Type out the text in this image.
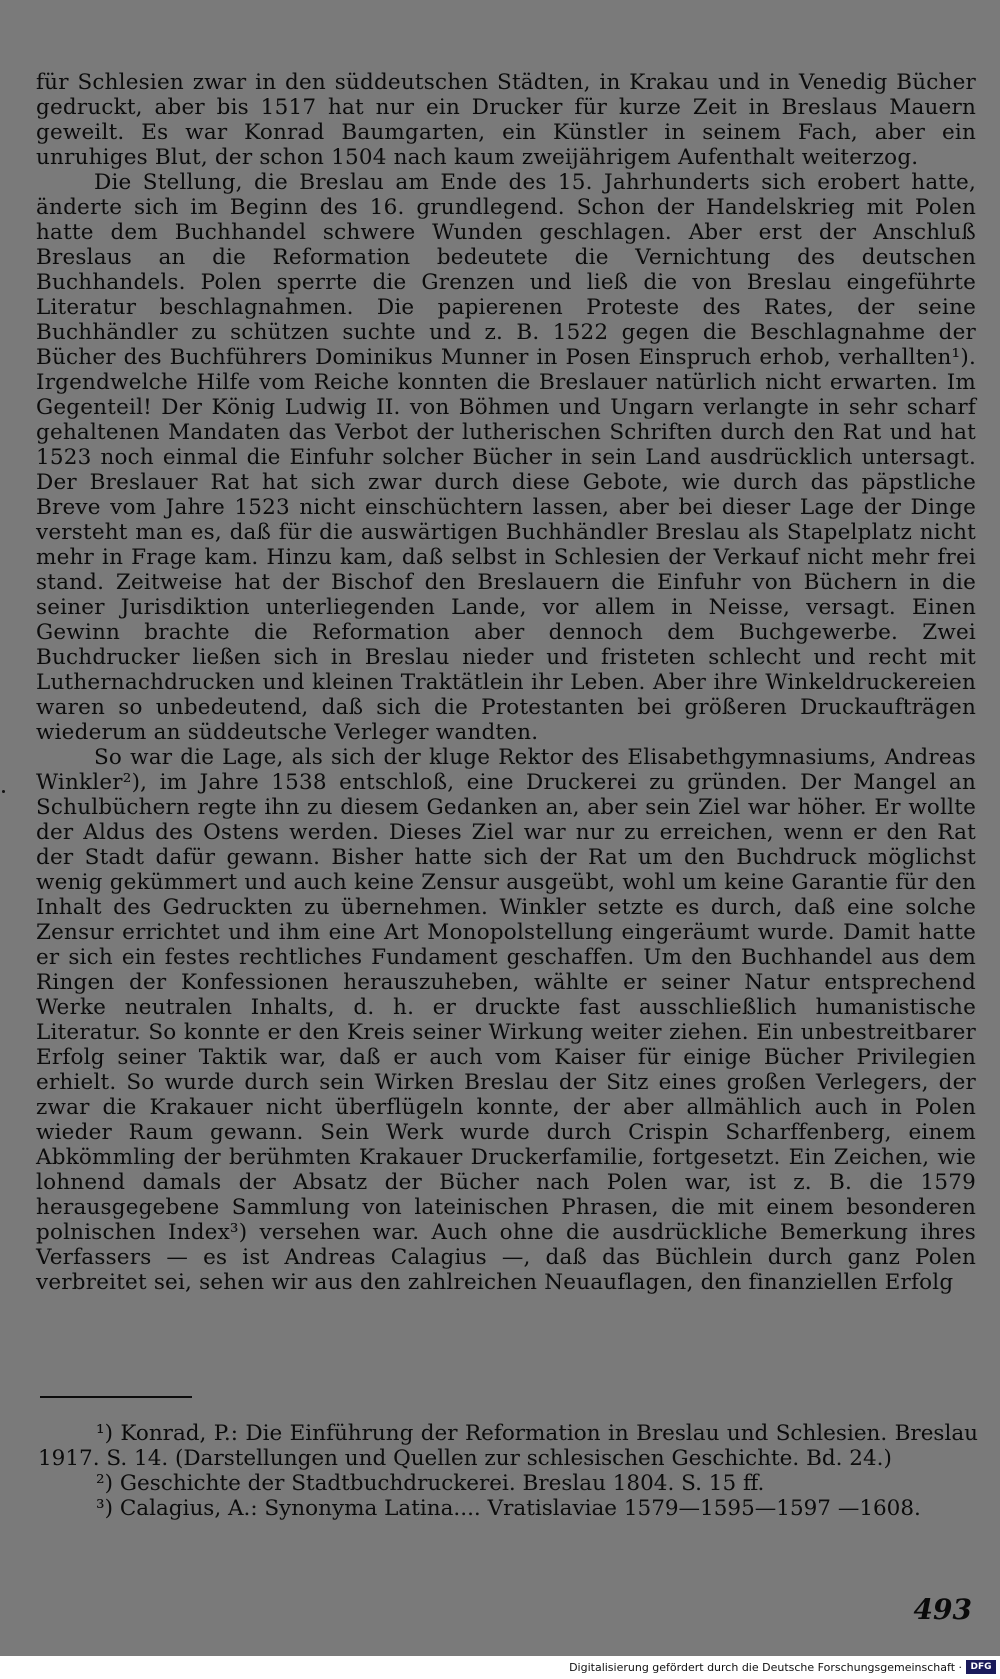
für Schlesien zwar in den süddeutschen Städten, in Krakau und in Venedig Bücher gedruckt, aber bis 1517 hat nur ein Drucker für kurze Zeit in Breslaus Mauern geweilt. Es war Konrad Baumgarten, ein Künstler in seinem Fach, aber ein unruhiges Blut, der schon 1504 nach kaum zweijährigem Aufenthalt weiterzog.

Die Stellung, die Breslau am Ende des 15. Jahrhunderts sich erobert hatte, änderte sich im Beginn des 16. grundlegend. Schon der Handelskrieg mit Polen hatte dem Buchhandel schwere Wunden geschlagen. Aber erst der Anschluß Breslaus an die Reformation bedeutete die Vernichtung des deutschen Buchhandels. Polen sperrte die Grenzen und ließ die von Breslau eingeführte Literatur beschlagnahmen. Die papierenen Proteste des Rates, der seine Buchhändler zu schützen suchte und z. B. 1522 gegen die Beschlagnahme der Bücher des Buchführers Dominikus Munner in Posen Einspruch erhob, verhallten¹). Irgendwelche Hilfe vom Reiche konnten die Breslauer natürlich nicht erwarten. Im Gegenteil! Der König Ludwig II. von Böhmen und Ungarn verlangte in sehr scharf gehaltenen Mandaten das Verbot der lutherischen Schriften durch den Rat und hat 1523 noch einmal die Einfuhr solcher Bücher in sein Land ausdrücklich untersagt. Der Breslauer Rat hat sich zwar durch diese Gebote, wie durch das päpstliche Breve vom Jahre 1523 nicht einschüchtern lassen, aber bei dieser Lage der Dinge versteht man es, daß für die auswärtigen Buchhändler Breslau als Stapelplatz nicht mehr in Frage kam. Hinzu kam, daß selbst in Schlesien der Verkauf nicht mehr frei stand. Zeitweise hat der Bischof den Breslauern die Einfuhr von Büchern in die seiner Jurisdiktion unterliegenden Lande, vor allem in Neisse, versagt. Einen Gewinn brachte die Reformation aber dennoch dem Buchgewerbe. Zwei Buchdrucker ließen sich in Breslau nieder und fristeten schlecht und recht mit Luthernachdrucken und kleinen Traktätlein ihr Leben. Aber ihre Winkeldruckereien waren so unbedeutend, daß sich die Protestanten bei größeren Druckaufträgen wiederum an süddeutsche Verleger wandten.

So war die Lage, als sich der kluge Rektor des Elisabethgymnasiums, Andreas Winkler²), im Jahre 1538 entschloß, eine Druckerei zu gründen. Der Mangel an Schulbüchern regte ihn zu diesem Gedanken an, aber sein Ziel war höher. Er wollte der Aldus des Ostens werden. Dieses Ziel war nur zu erreichen, wenn er den Rat der Stadt dafür gewann. Bisher hatte sich der Rat um den Buchdruck möglichst wenig gekümmert und auch keine Zensur ausgeübt, wohl um keine Garantie für den Inhalt des Gedruckten zu übernehmen. Winkler setzte es durch, daß eine solche Zensur errichtet und ihm eine Art Monopolstellung eingeräumt wurde. Damit hatte er sich ein festes rechtliches Fundament geschaffen. Um den Buchhandel aus dem Ringen der Konfessionen herauszuheben, wählte er seiner Natur entsprechend Werke neutralen Inhalts, d. h. er druckte fast ausschließlich humanistische Literatur. So konnte er den Kreis seiner Wirkung weiter ziehen. Ein unbestreitbarer Erfolg seiner Taktik war, daß er auch vom Kaiser für einige Bücher Privilegien erhielt. So wurde durch sein Wirken Breslau der Sitz eines großen Verlegers, der zwar die Krakauer nicht überflügeln konnte, der aber allmählich auch in Polen wieder Raum gewann. Sein Werk wurde durch Crispin Scharffenberg, einem Abkömmling der berühmten Krakauer Druckerfamilie, fortgesetzt. Ein Zeichen, wie lohnend damals der Absatz der Bücher nach Polen war, ist z. B. die 1579 herausgegebene Sammlung von lateinischen Phrasen, die mit einem besonderen polnischen Index³) versehen war. Auch ohne die ausdrückliche Bemerkung ihres Verfassers — es ist Andreas Calagius —, daß das Büchlein durch ganz Polen verbreitet sei, sehen wir aus den zahlreichen Neuauflagen, den finanziellen Erfolg

¹) Konrad, P.: Die Einführung der Reformation in Breslau und Schlesien. Breslau 1917. S. 14. (Darstellungen und Quellen zur schlesischen Geschichte. Bd. 24.)

²) Geschichte der Stadtbuchdruckerei. Breslau 1804. S. 15 ff.

³) Calagius, A.: Synonyma Latina.... Vratislaviae 1579—1595—1597 —1608.

493
Digitalisierung gefördert durch die Deutsche Forschungsgemeinschaft · DFG
